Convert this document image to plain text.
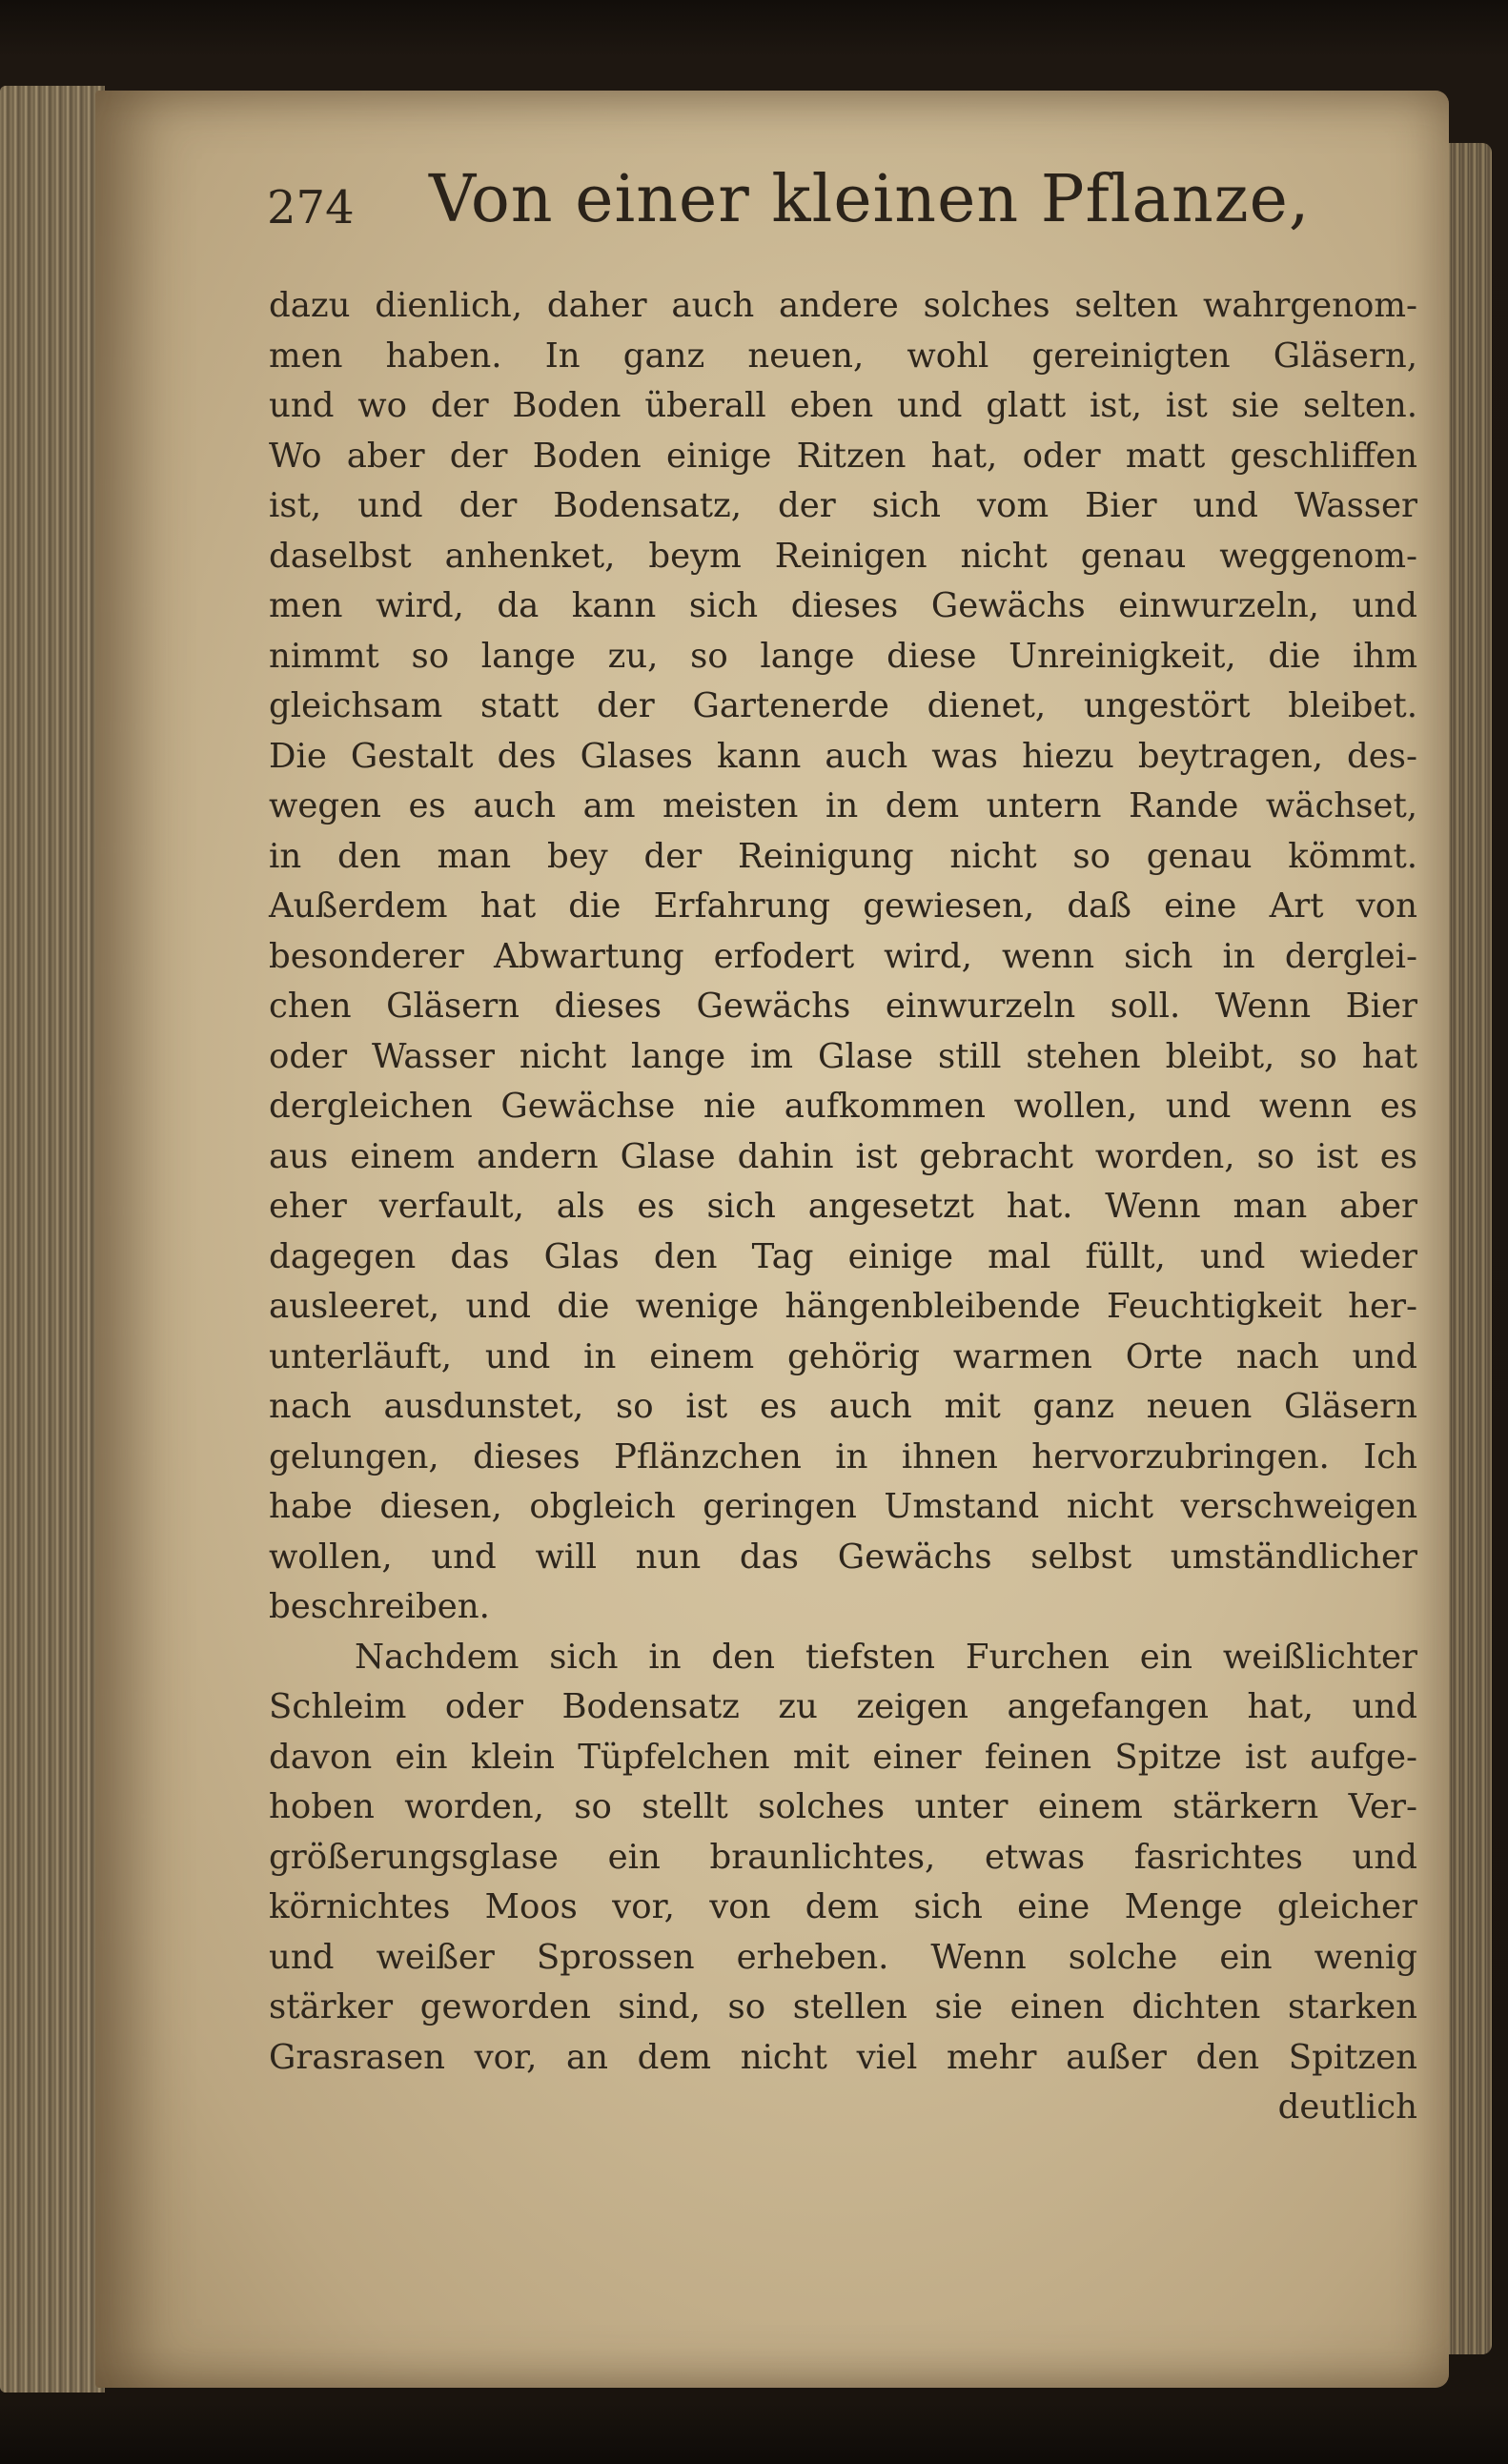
274 Von einer kleinen Pflanze,
dazu dienlich, daher auch andere solches selten wahrgenom-
men haben. In ganz neuen, wohl gereinigten Gläsern,
und wo der Boden überall eben und glatt ist, ist sie selten.
Wo aber der Boden einige Ritzen hat, oder matt geschliffen
ist, und der Bodensatz, der sich vom Bier und Wasser
daselbst anhenket, beym Reinigen nicht genau weggenom-
men wird, da kann sich dieses Gewächs einwurzeln, und
nimmt so lange zu, so lange diese Unreinigkeit, die ihm
gleichsam statt der Gartenerde dienet, ungestört bleibet.
Die Gestalt des Glases kann auch was hiezu beytragen, des-
wegen es auch am meisten in dem untern Rande wächset,
in den man bey der Reinigung nicht so genau kömmt.
Außerdem hat die Erfahrung gewiesen, daß eine Art von
besonderer Abwartung erfodert wird, wenn sich in derglei-
chen Gläsern dieses Gewächs einwurzeln soll. Wenn Bier
oder Wasser nicht lange im Glase still stehen bleibt, so hat
dergleichen Gewächse nie aufkommen wollen, und wenn es
aus einem andern Glase dahin ist gebracht worden, so ist es
eher verfault, als es sich angesetzt hat. Wenn man aber
dagegen das Glas den Tag einige mal füllt, und wieder
ausleeret, und die wenige hängenbleibende Feuchtigkeit her-
unterläuft, und in einem gehörig warmen Orte nach und
nach ausdunstet, so ist es auch mit ganz neuen Gläsern
gelungen, dieses Pflänzchen in ihnen hervorzubringen. Ich
habe diesen, obgleich geringen Umstand nicht verschweigen
wollen, und will nun das Gewächs selbst umständlicher
beschreiben.
Nachdem sich in den tiefsten Furchen ein weißlichter
Schleim oder Bodensatz zu zeigen angefangen hat, und
davon ein klein Tüpfelchen mit einer feinen Spitze ist aufge-
hoben worden, so stellt solches unter einem stärkern Ver-
größerungsglase ein braunlichtes, etwas fasrichtes und
körnichtes Moos vor, von dem sich eine Menge gleicher
und weißer Sprossen erheben. Wenn solche ein wenig
stärker geworden sind, so stellen sie einen dichten starken
Grasrasen vor, an dem nicht viel mehr außer den Spitzen
deutlich
